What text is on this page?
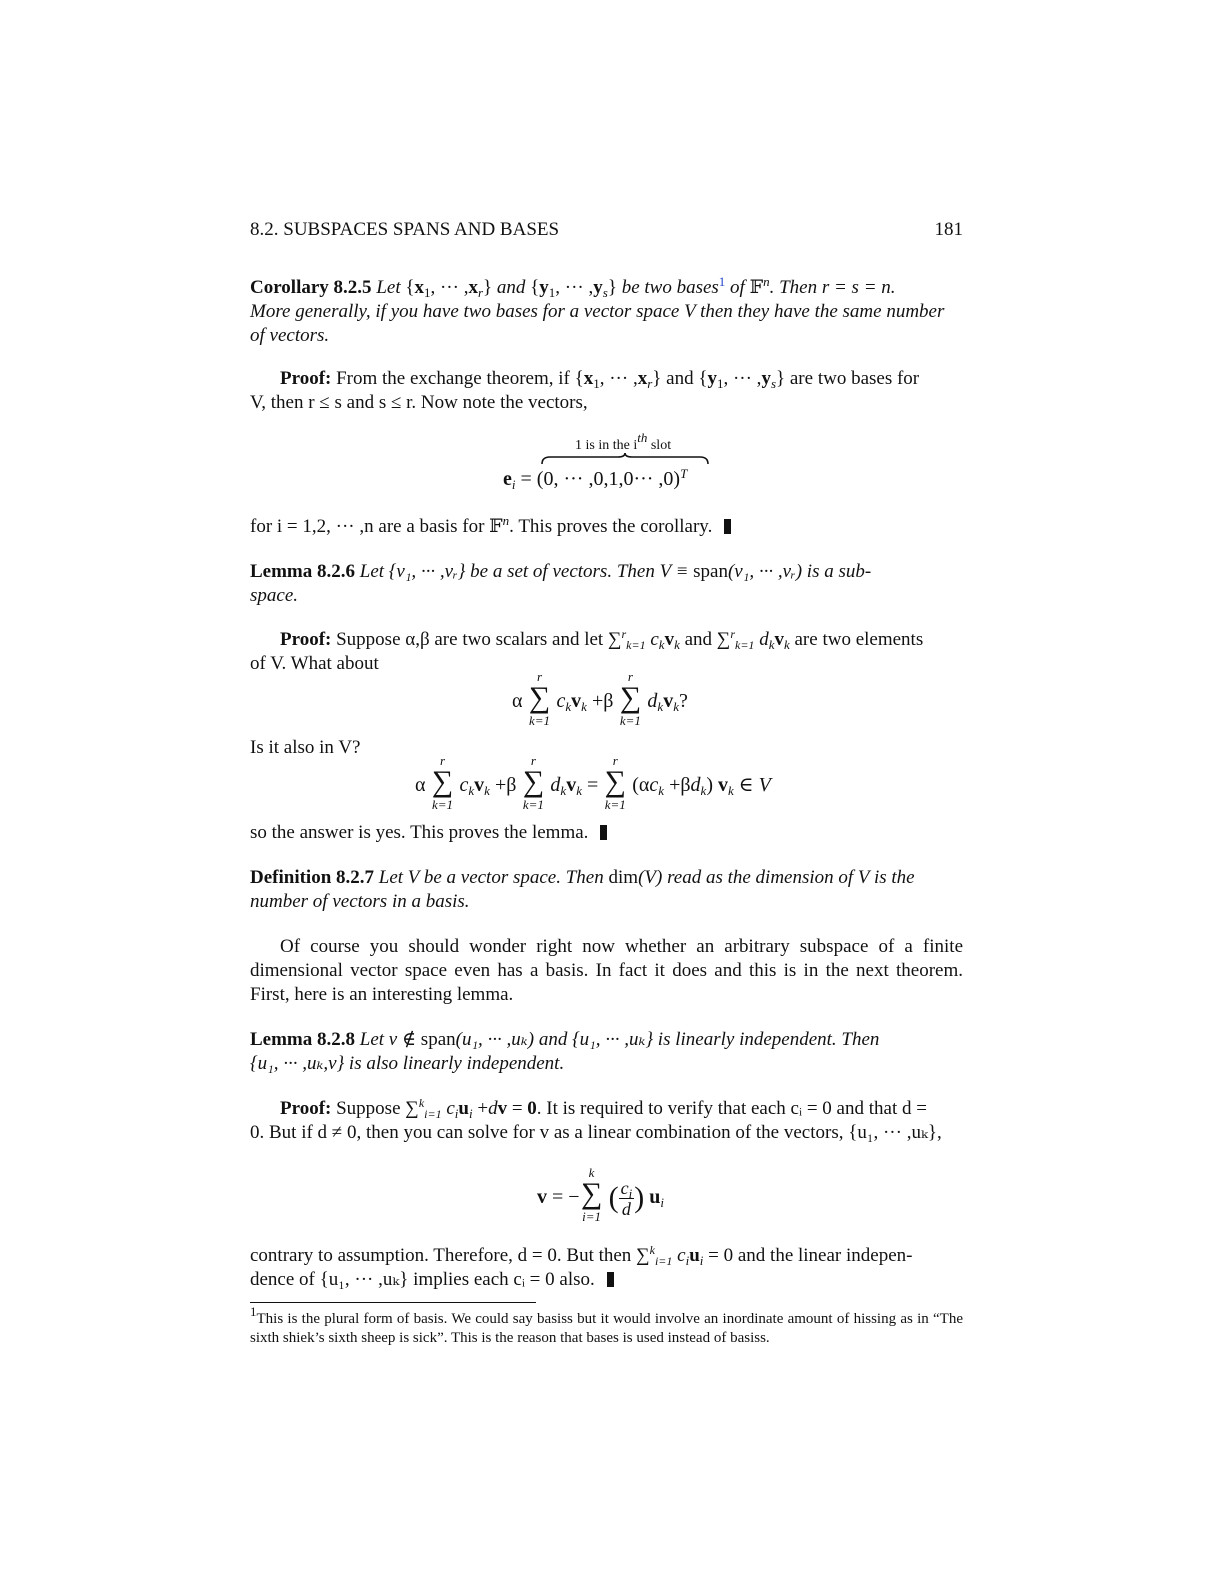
8.2. SUBSPACES SPANS AND BASES	181
Corollary 8.2.5 Let {$x_1$, ··· $,x_r$} and {$y_1$, ··· $,y_s$} be two bases$^1$ of 𝔽$^n$. Then r = s = n.
More generally, if you have two bases for a vector space V then they have the same number
of vectors.
Proof: From the exchange theorem, if {$x_1$, ··· $,x_r$} and {$y_1$, ··· $,y_s$} are two bases for
V, then r ≤ s and s ≤ r. Now note the vectors,
1 is in the ith slot
$e_i = (0$, ··· ,0,1,0··· ,0)$^T$
for i = 1,2, ··· ,n are a basis for 𝔽$^n$. This proves the corollary.
Lemma 8.2.6 Let {v₁, ··· ,vᵣ} be a set of vectors. Then V ≡ span(v₁, ··· ,vᵣ) is a sub-
space.
Proof: Suppose α,β are two scalars and let ∑$^r_{k=1}$ $c_kv_k$ and ∑$^r_{k=1}$ $d_kv_k$ are two elements
of V. What about
α
r
∑
k=1
$c_kv_k +\beta$
r
∑
k=1
$d_kv_k$?
Is it also in V?
α
r
∑
k=1
$c_kv_k +\beta$
r
∑
k=1
$d_kv_k$ =
r
∑
k=1
$(\alpha c_k +\beta d_k)$ $v_k$ ∈ V
so the answer is yes. This proves the lemma.
Definition 8.2.7 Let V be a vector space. Then dim(V) read as the dimension of V is the
number of vectors in a basis.
Of course you should wonder right now whether an arbitrary subspace of a finite dimensional vector space even has a basis. In fact it does and this is in the next theorem. First, here is an interesting lemma.
Lemma 8.2.8 Let v ∉ span(u₁, ··· ,uₖ) and {u₁, ··· ,uₖ} is linearly independent. Then
{u₁, ··· ,uₖ,v} is also linearly independent.
Proof: Suppose ∑$^k_{i=1}$ $c_iu_i +dv = 0$. It is required to verify that each cᵢ = 0 and that d =
0. But if d ≠ 0, then you can solve for v as a linear combination of the vectors, {u₁, ··· ,uₖ},
v = −
k
∑
i=1
( $\frac{c_i}{d}$ ) $u_i$
contrary to assumption. Therefore, d = 0. But then ∑$^k_{i=1}$ $c_iu_i = 0$ and the linear indepen-
dence of {u₁, ··· ,uₖ} implies each cᵢ = 0 also.
1This is the plural form of basis. We could say basiss but it would involve an inordinate amount of hissing as in “The sixth shiek’s sixth sheep is sick”. This is the reason that bases is used instead of basiss.
